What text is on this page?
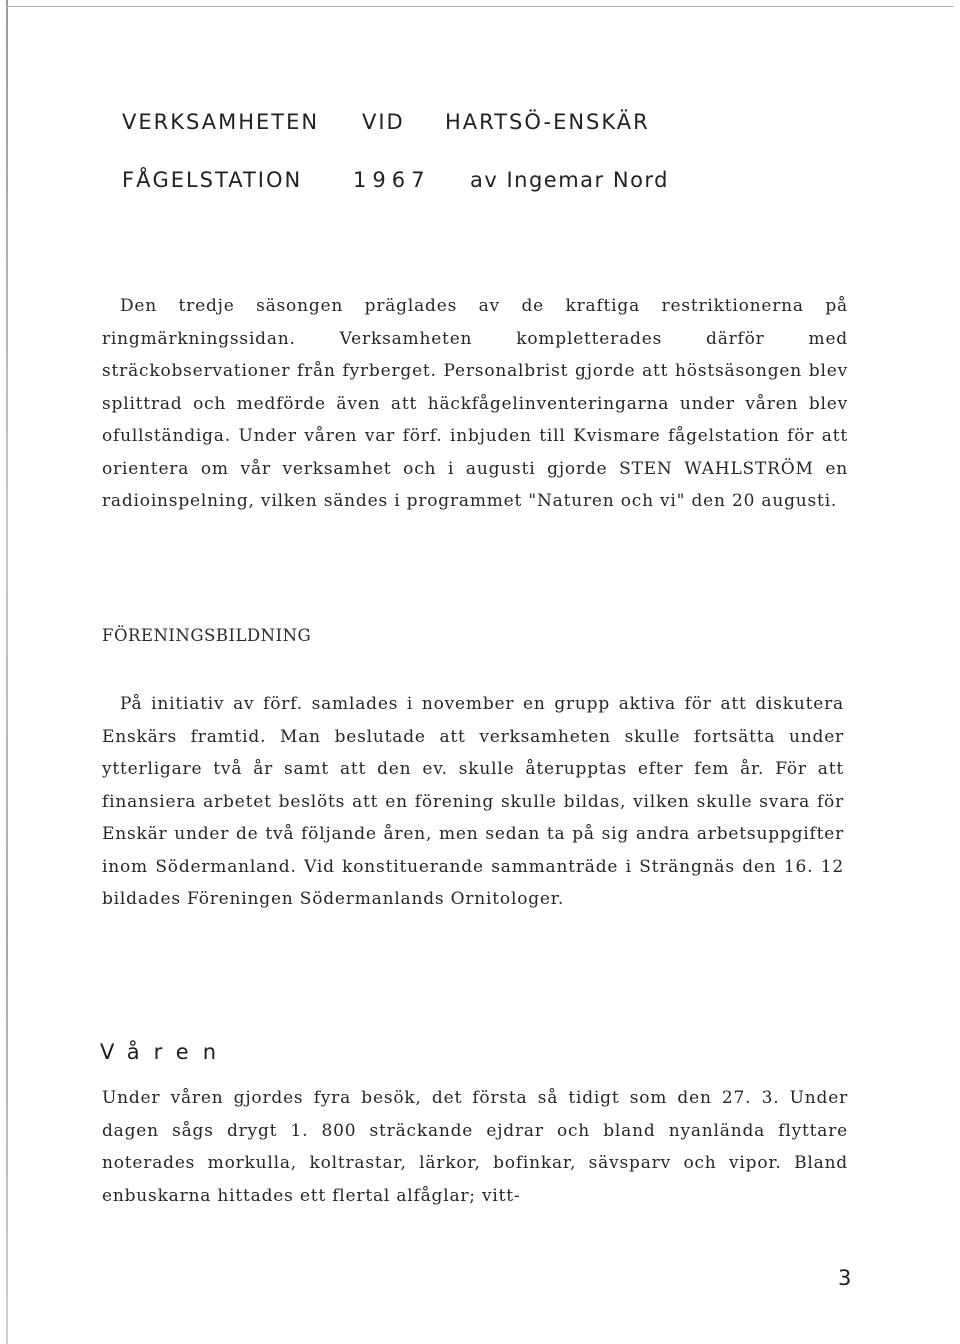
VERKSAMHETEN VID HARTSÖ-ENSKÄR
FÅGELSTATION 1967 av Ingemar Nord
Den tredje säsongen präglades av de kraftiga restriktionerna på ringmärkningssidan. Verksamheten kompletterades därför med sträckobservationer från fyrberget. Personalbrist gjorde att höstsäsongen blev splittrad och medförde även att häckfågelinventeringarna under våren blev ofullständiga. Under våren var förf. inbjuden till Kvismare fågelstation för att orientera om vår verksamhet och i augusti gjorde STEN WAHLSTRÖM en radioinspelning, vilken sändes i programmet "Naturen och vi" den 20 augusti.
FÖRENINGSBILDNING
På initiativ av förf. samlades i november en grupp aktiva för att diskutera Enskärs framtid. Man beslutade att verksamheten skulle fortsätta under ytterligare två år samt att den ev. skulle återupptas efter fem år. För att finansiera arbetet beslöts att en förening skulle bildas, vilken skulle svara för Enskär under de två följande åren, men sedan ta på sig andra arbetsuppgifter inom Södermanland. Vid konstituerande sammanträde i Strängnäs den 16. 12 bildades Föreningen Södermanlands Ornitologer.
Våren
Under våren gjordes fyra besök, det första så tidigt som den 27. 3. Under dagen sågs drygt 1. 800 sträckande ejdrar och bland nyanlända flyttare noterades morkulla, koltrastar, lärkor, bofinkar, sävsparv och vipor. Bland enbuskarna hittades ett flertal alfåglar; vitt-
3
